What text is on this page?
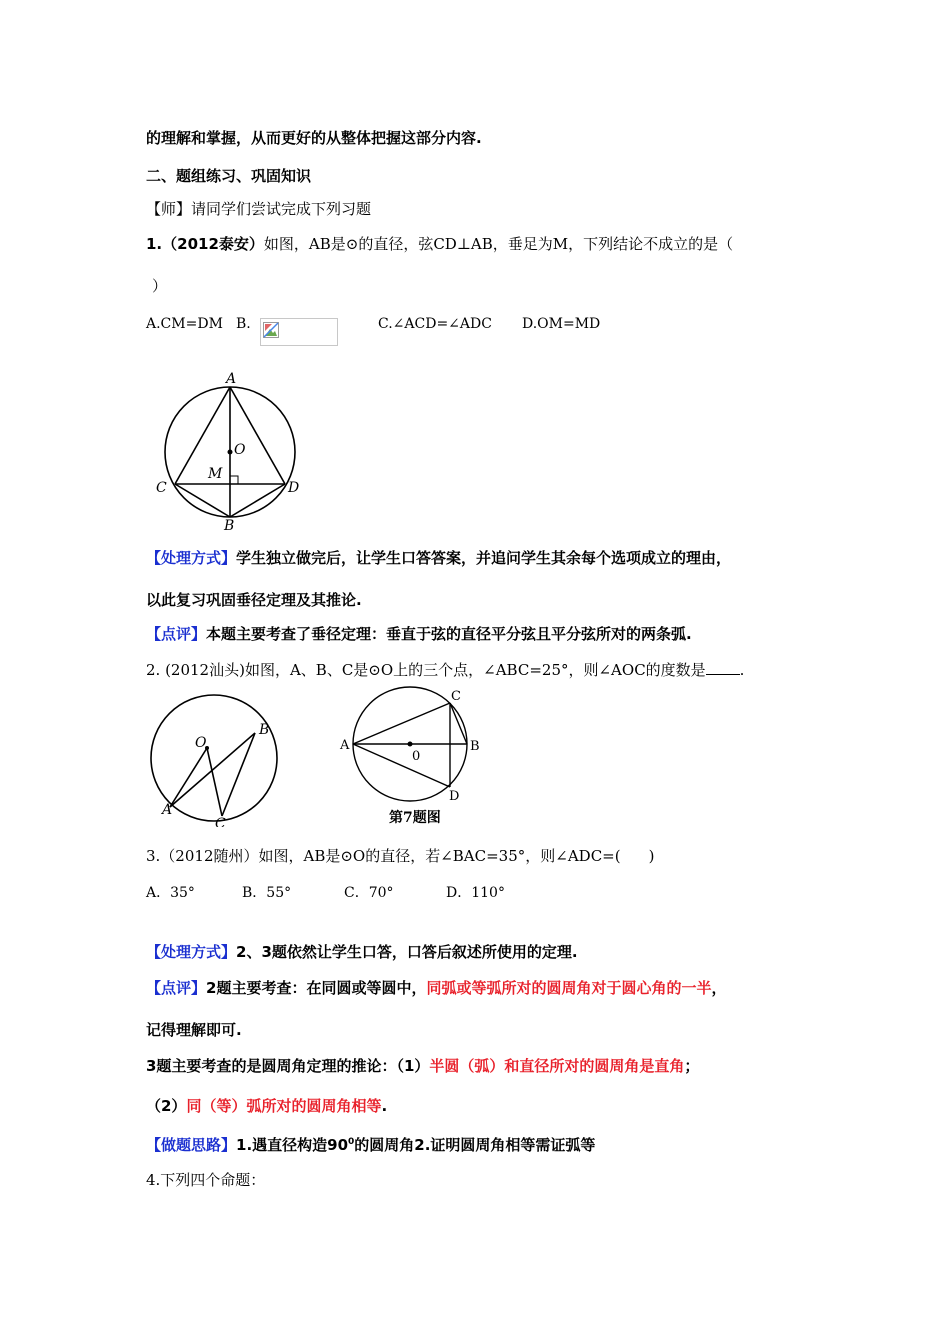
的理解和掌握，从而更好的从整体把握这部分内容.
二、题组练习、巩固知识
【师】请同学们尝试完成下列习题
1.（2012泰安）如图，AB是⊙的直径，弦CD⊥AB，垂足为M，下列结论不成立的是（
）
A.CM=DM B.	C.∠ACD=∠ADC D.OM=MD
A
O
M
C	D
B
【处理方式】学生独立做完后，让学生口答答案，并追问学生其余每个选项成立的理由，
以此复习巩固垂径定理及其推论.
【点评】本题主要考查了垂径定理：垂直于弦的直径平分弦且平分弦所对的两条弧.
2. (2012汕头)如图，A、B、C是⊙O上的三个点，∠ABC=25°，则∠AOC的度数是 .
O
B
A
C
A
C
B
0
D
第7题图
3.（2012随州）如图，AB是⊙O的直径，若∠BAC=35°，则∠ADC=( )
A．35°	B．55°	C．70°	D．110°
【处理方式】2、3题依然让学生口答，口答后叙述所使用的定理.
【点评】2题主要考查：在同圆或等圆中，同弧或等弧所对的圆周角对于圆心角的一半，
记得理解即可.
3题主要考查的是圆周角定理的推论：（1）半圆（弧）和直径所对的圆周角是直角；
（2）同（等）弧所对的圆周角相等.
【做题思路】1.遇直径构造$90^0$的圆周角2.证明圆周角相等需证弧等
4.下列四个命题：
